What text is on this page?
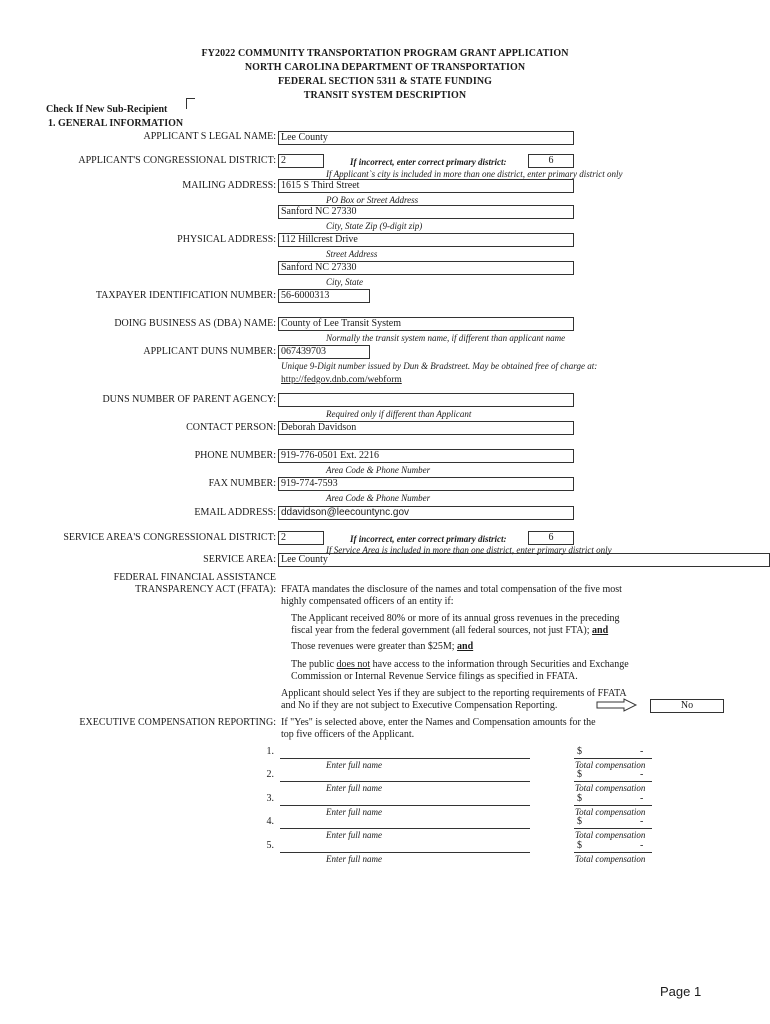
FY2022 COMMUNITY TRANSPORTATION PROGRAM GRANT APPLICATION
NORTH CAROLINA DEPARTMENT OF TRANSPORTATION
FEDERAL SECTION 5311 & STATE FUNDING
TRANSIT SYSTEM DESCRIPTION
Check If New Sub-Recipient
1. GENERAL INFORMATION
APPLICANT S LEGAL NAME: Lee County
APPLICANT'S CONGRESSIONAL DISTRICT: 2	If incorrect, enter correct primary district:	6
If Applicant`s city is included in more than one district, enter primary district only
MAILING ADDRESS: 1615 S Third Street
PO Box or Street Address
Sanford NC 27330
City, State Zip (9-digit zip)
PHYSICAL ADDRESS: 112 Hillcrest Drive
Street Address
Sanford NC 27330
City, State
TAXPAYER IDENTIFICATION NUMBER: 56-6000313
DOING BUSINESS AS (DBA) NAME: County of Lee Transit System
Normally the transit system name, if different than applicant name
APPLICANT DUNS NUMBER: 067439703
Unique 9-Digit number issued by Dun & Bradstreet. May be obtained free of charge at:
http://fedgov.dnb.com/webform
DUNS NUMBER OF PARENT AGENCY:
Required only if different than Applicant
CONTACT PERSON: Deborah Davidson
PHONE NUMBER: 919-776-0501 Ext. 2216
Area Code & Phone Number
FAX NUMBER: 919-774-7593
Area Code & Phone Number
EMAIL ADDRESS: ddavidson@leecountync.gov
SERVICE AREA'S CONGRESSIONAL DISTRICT: 2	If incorrect, enter correct primary district:	6
If Service Area is included in more than one district, enter primary district only
SERVICE AREA: Lee County
FEDERAL FINANCIAL ASSISTANCE
TRANSPARENCY ACT (FFATA): FFATA mandates the disclosure of the names and total compensation of the five most
highly compensated officers of an entity if:
The Applicant received 80% or more of its annual gross revenues in the preceding
fiscal year from the federal government (all federal sources, not just FTA); and
Those revenues were greater than $25M; and
The public does not have access to the information through Securities and Exchange
Commission or Internal Revenue Service filings as specified in FFATA.
Applicant should select Yes if they are subject to the reporting requirements of FFATA
and No if they are not subject to Executive Compensation Reporting.	No
EXECUTIVE COMPENSATION REPORTING: If "Yes" is selected above, enter the Names and Compensation amounts for the
top five officers of the Applicant.
1.
Enter full name
$	-
Total compensation
2.
Enter full name
$	-
Total compensation
3.
Enter full name
$	-
Total compensation
4.
Enter full name
$	-
Total compensation
5.
Enter full name
$	-
Total compensation
Page 1
